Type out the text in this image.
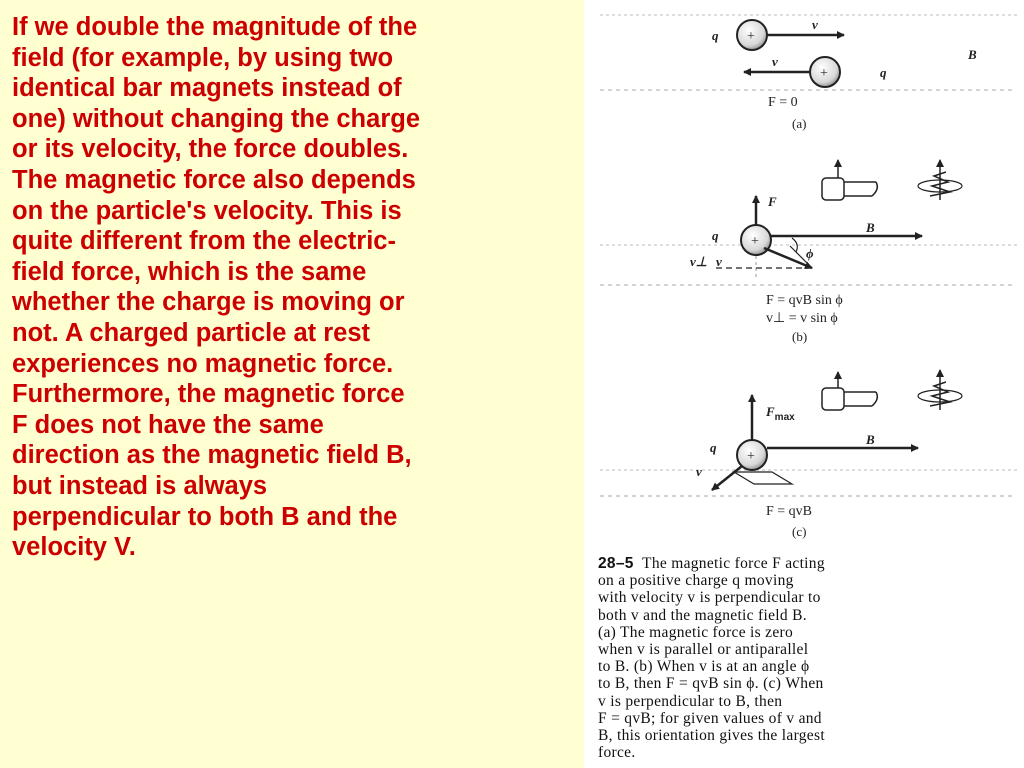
If we double the magnitude of the
field (for example, by using two
identical bar magnets instead of
one) without changing the charge
or its velocity, the force doubles.
The magnetic force also depends
on the particle's velocity. This is
quite different from the electric-
field force, which is the same
whether the charge is moving or
not. A charged particle at rest
experiences no magnetic force.
Furthermore, the magnetic force
F does not have the same
direction as the magnetic field B,
but instead is always
perpendicular to both B and the
velocity V.

+
q
v
+	q
v	B
F = 0
(a)
F
+
q
B
ϕ
v⊥ v
F = qvB sin ϕ
v⊥ = v sin ϕ
(b)
$F_{max}$
+
q
B
v
F = qvB
(c)

28–5 The magnetic force F acting
on a positive charge q moving
with velocity v is perpendicular to
both v and the magnetic field B.
(a) The magnetic force is zero
when v is parallel or antiparallel
to B. (b) When v is at an angle ϕ
to B, then F = qvB sin ϕ. (c) When
v is perpendicular to B, then
F = qvB; for given values of v and
B, this orientation gives the largest
force.
